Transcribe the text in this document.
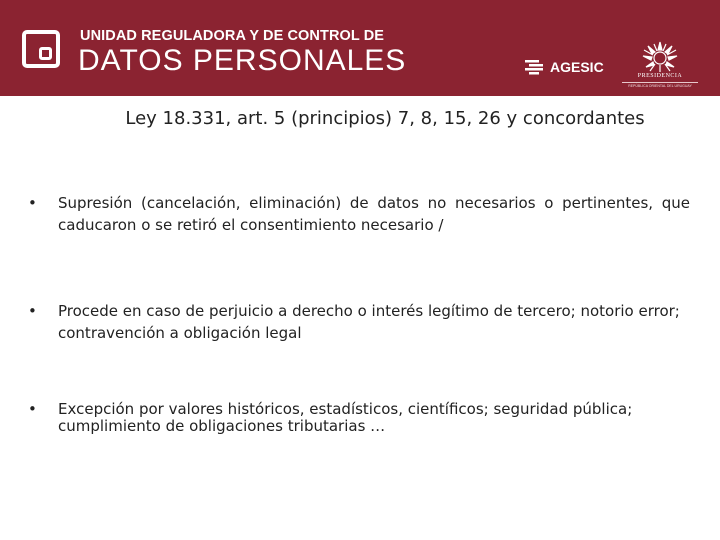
UNIDAD REGULADORA Y DE CONTROL DE
DATOS PERSONALES	AGESIC
PRESIDENCIA
REPÚBLICA ORIENTAL DEL URUGUAY
Ley 18.331, art. 5 (principios) 7, 8, 15, 26 y concordantes
• Supresión (cancelación, eliminación) de datos no necesarios o pertinentes, que caducaron o se retiró el consentimiento necesario /
• Procede en caso de perjuicio a derecho o interés legítimo de tercero; notorio error; contravención a obligación legal
• Excepción por valores históricos, estadísticos, científicos; seguridad pública; cumplimiento de obligaciones tributarias …
